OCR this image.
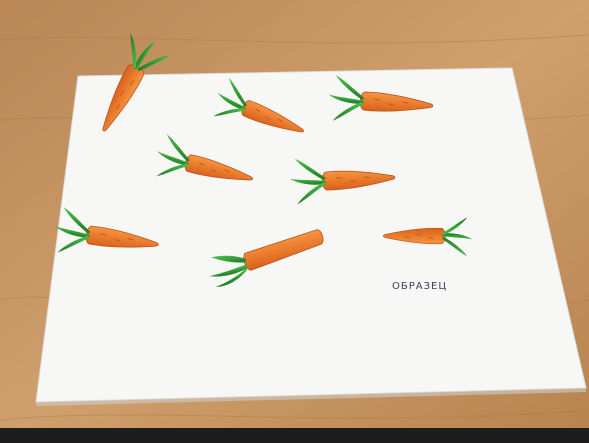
ОБРАЗЕЦ
